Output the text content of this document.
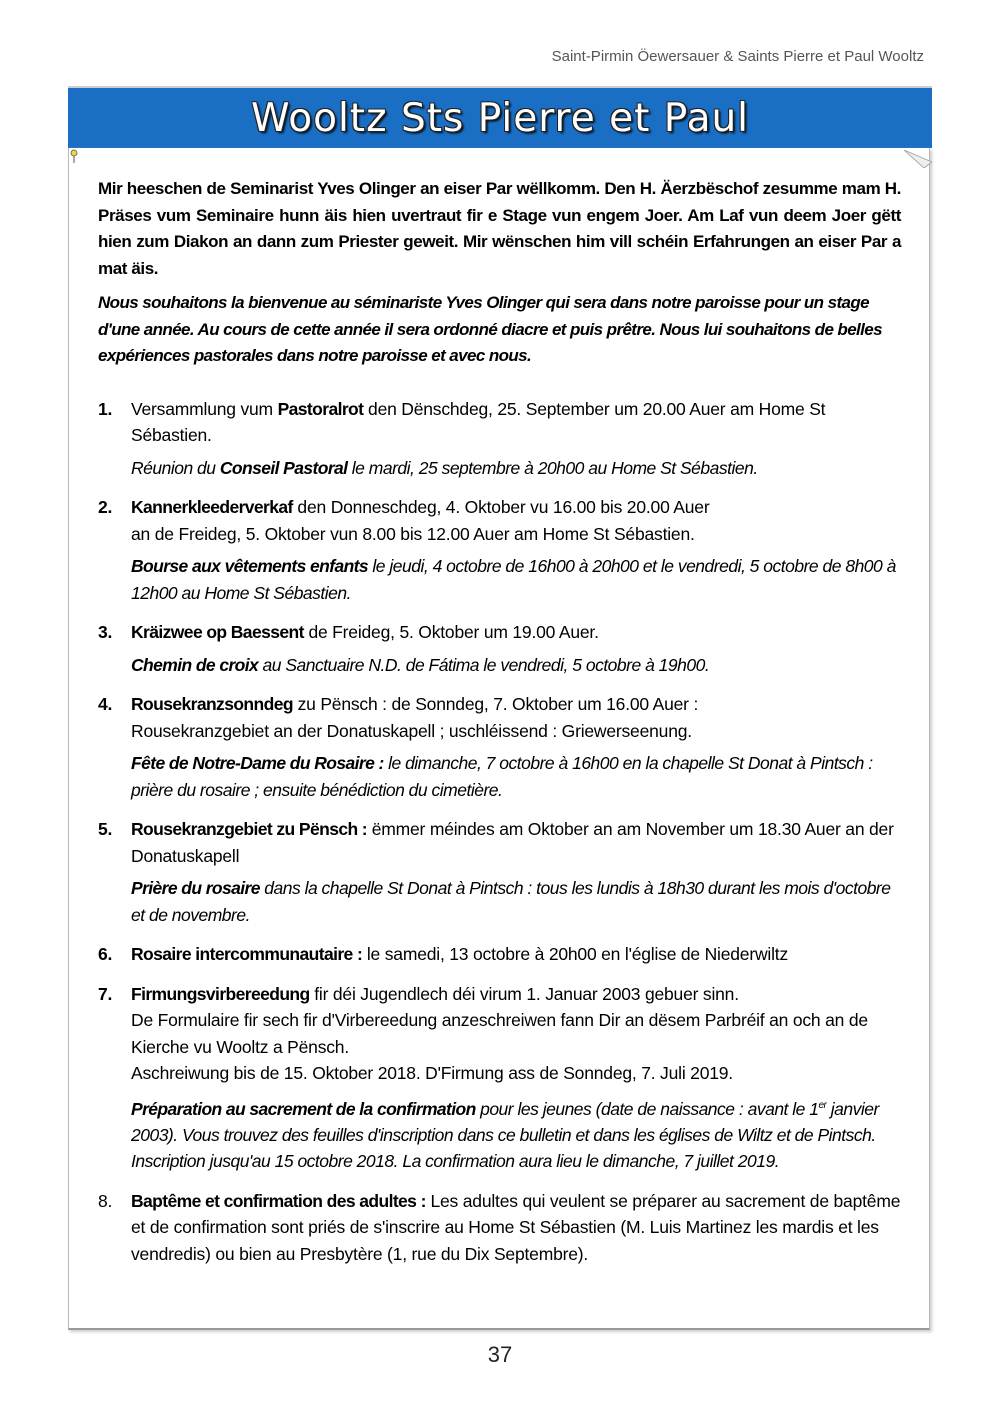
Saint-Pirmin Öewersauer & Saints Pierre et Paul Wooltz
Wooltz Sts Pierre et Paul

Mir heeschen de Seminarist Yves Olinger an eiser Par wëllkomm. Den H. Äerzbëschof zesumme mam H. Präses vum Seminaire hunn äis hien uvertraut fir e Stage vun engem Joer. Am Laf vun deem Joer gëtt hien zum Diakon an dann zum Priester geweit. Mir wënschen him vill schéin Erfahrungen an eiser Par a mat äis.

Nous souhaitons la bienvenue au séminariste Yves Olinger qui sera dans notre paroisse pour un stage d'une année. Au cours de cette année il sera ordonné diacre et puis prêtre. Nous lui souhaitons de belles expériences pastorales dans notre paroisse et avec nous.

1. Versammlung vum Pastoralrot den Dënschdeg, 25. September um 20.00 Auer am Home St Sébastien.
Réunion du Conseil Pastoral le mardi, 25 septembre à 20h00 au Home St Sébastien.
2. Kannerkleederverkaf den Donneschdeg, 4. Oktober vu 16.00 bis 20.00 Auer
an de Freideg, 5. Oktober vun 8.00 bis 12.00 Auer am Home St Sébastien.
Bourse aux vêtements enfants le jeudi, 4 octobre de 16h00 à 20h00 et le vendredi, 5 octobre de 8h00 à 12h00 au Home St Sébastien.
3. Kräizwee op Baessent de Freideg, 5. Oktober um 19.00 Auer.
Chemin de croix au Sanctuaire N.D. de Fátima le vendredi, 5 octobre à 19h00.
4. Rousekranzsonndeg zu Pënsch : de Sonndeg, 7. Oktober um 16.00 Auer :
Rousekranzgebiet an der Donatuskapell ; uschléissend : Griewerseenung.
Fête de Notre-Dame du Rosaire : le dimanche, 7 octobre à 16h00 en la chapelle St Donat à Pintsch : prière du rosaire ; ensuite bénédiction du cimetière.
5. Rousekranzgebiet zu Pënsch : ëmmer méindes am Oktober an am November um 18.30 Auer an der Donatuskapell
Prière du rosaire dans la chapelle St Donat à Pintsch : tous les lundis à 18h30 durant les mois d'octobre et de novembre.
6. Rosaire intercommunautaire : le samedi, 13 octobre à 20h00 en l'église de Niederwiltz
7. Firmungsvirbereedung fir déi Jugendlech déi virum 1. Januar 2003 gebuer sinn.
De Formulaire fir sech fir d'Virbereedung anzeschreiwen fann Dir an dësem Parbréif an och an de Kierche vu Wooltz a Pënsch.
Aschreiwung bis de 15. Oktober 2018. D'Firmung ass de Sonndeg, 7. Juli 2019.
Préparation au sacrement de la confirmation pour les jeunes (date de naissance : avant le 1er janvier 2003). Vous trouvez des feuilles d'inscription dans ce bulletin et dans les églises de Wiltz et de Pintsch.
Inscription jusqu'au 15 octobre 2018. La confirmation aura lieu le dimanche, 7 juillet 2019.
8. Baptême et confirmation des adultes : Les adultes qui veulent se préparer au sacrement de baptême et de confirmation sont priés de s'inscrire au Home St Sébastien (M. Luis Martinez les mardis et les vendredis) ou bien au Presbytère (1, rue du Dix Septembre).
37
